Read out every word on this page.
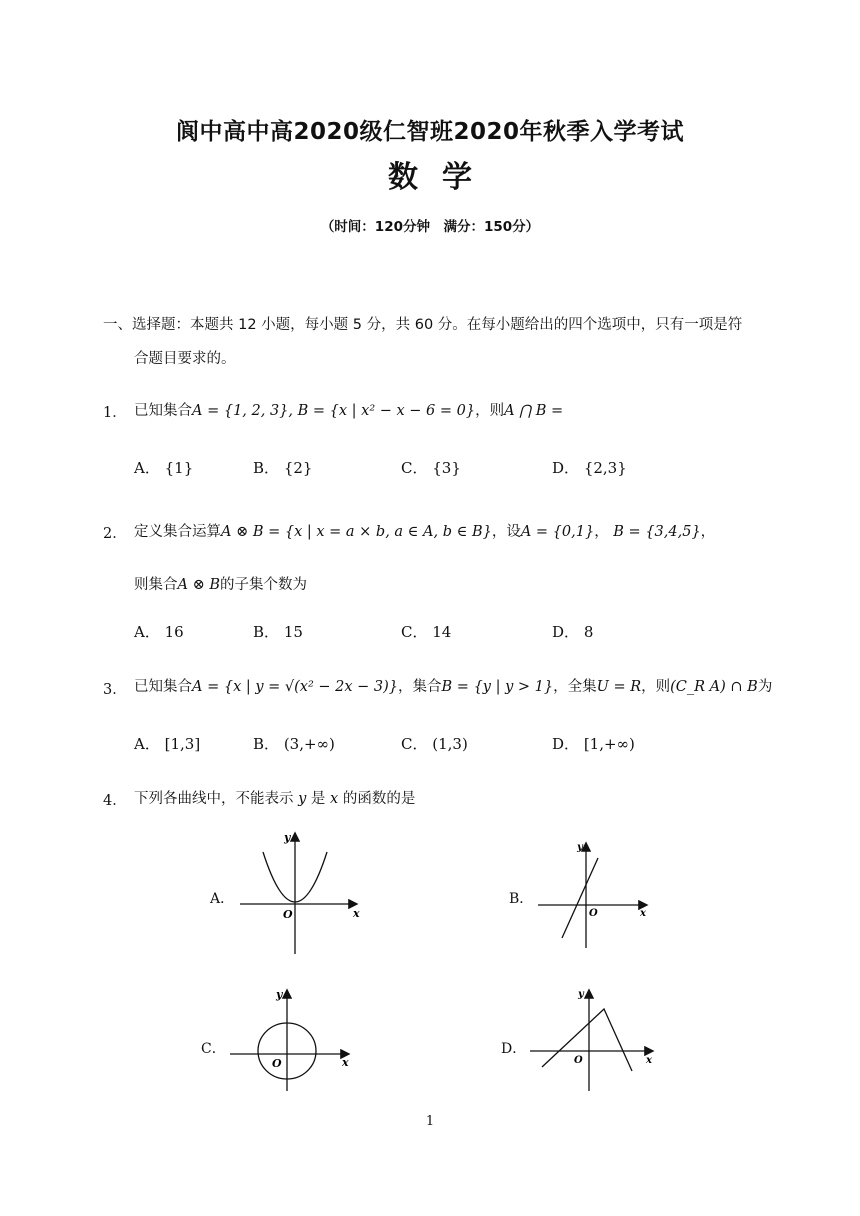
阆中高中高2020级仁智班2020年秋季入学考试
数学
（时间：120分钟　满分：150分）
一、选择题：本题共 12 小题，每小题 5 分，共 60 分。在每小题给出的四个选项中，只有一项是符
合题目要求的。
1． 已知集合A = {1, 2, 3}, B = {x | x² − x − 6 = 0}，则A ⋂ B =
A． {1}	B． {2}	C． {3}	D． {2,3}
2． 定义集合运算A ⊗ B = {x | x = a × b, a ∈ A, b ∈ B}，设A = {0,1}， B = {3,4,5}，
则集合A ⊗ B的子集个数为
A． 16	B． 15	C． 14	D． 8
3． 已知集合A = {x | y = √(x² − 2x − 3)}，集合B = {y | y > 1}，全集U = R，则(C_R A) ∩ B为
A． [1,3]	B． (3,+∞)	C． (1,3)	D． [1,+∞)
4． 下列各曲线中，不能表示 y 是 x 的函数的是
A．	B．
C．	D．
y
x
O
y
x
O
y
x
O
y
x
O
1
